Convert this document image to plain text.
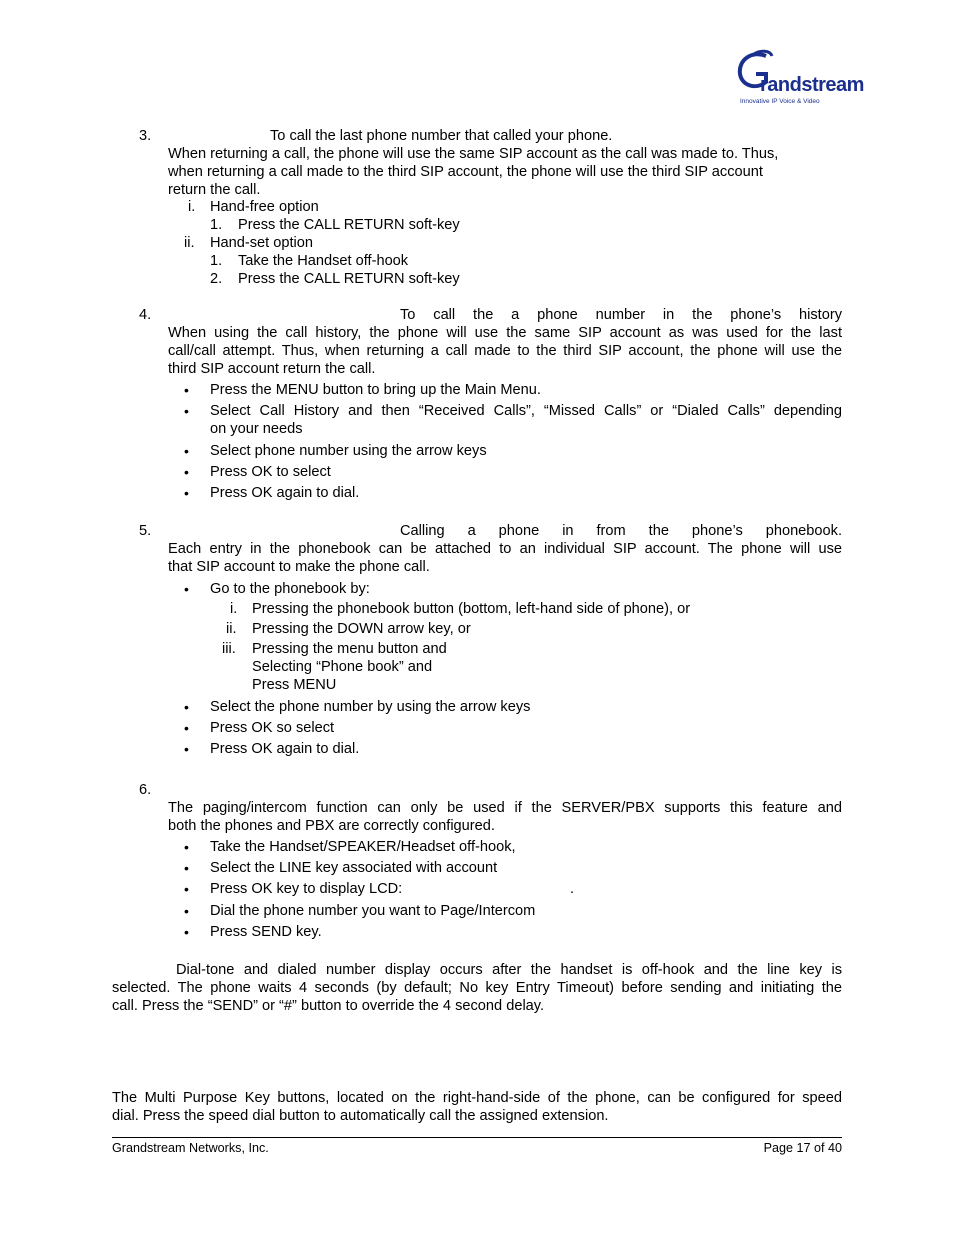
randstream
Innovative IP Voice & Video
3.	To call the last phone number that called your phone.
When returning a call, the phone will use the same SIP account as the call was made to. Thus,
when returning a call made to the third SIP account, the phone will use the third SIP account
return the call.
i. Hand-free option
1. Press the CALL RETURN soft-key
ii. Hand-set option
1. Take the Handset off-hook
2. Press the CALL RETURN soft-key
4.	To call the a phone number in the phone’s history
When using the call history, the phone will use the same SIP account as was used for the last
call/call attempt. Thus, when returning a call made to the third SIP account, the phone will use the
third SIP account return the call.
• Press the MENU button to bring up the Main Menu.
• Select Call History and then “Received Calls”, “Missed Calls” or “Dialed Calls” depending
on your needs
• Select phone number using the arrow keys
• Press OK to select
• Press OK again to dial.
5.	Calling a phone in from the phone’s phonebook.
Each entry in the phonebook can be attached to an individual SIP account. The phone will use
that SIP account to make the phone call.
• Go to the phonebook by:
i. Pressing the phonebook button (bottom, left-hand side of phone), or
ii. Pressing the DOWN arrow key, or
iii. Pressing the menu button and
Selecting “Phone book” and
Press MENU
• Select the phone number by using the arrow keys
• Press OK so select
• Press OK again to dial.
6.
The paging/intercom function can only be used if the SERVER/PBX supports this feature and
both the phones and PBX are correctly configured.
• Take the Handset/SPEAKER/Headset off-hook,
• Select the LINE key associated with account
• Press OK key to display LCD:	.
• Dial the phone number you want to Page/Intercom
• Press SEND key.
Dial-tone and dialed number display occurs after the handset is off-hook and the line key is
selected. The phone waits 4 seconds (by default; No key Entry Timeout) before sending and initiating the
call. Press the “SEND” or “#” button to override the 4 second delay.
The Multi Purpose Key buttons, located on the right-hand-side of the phone, can be configured for speed
dial. Press the speed dial button to automatically call the assigned extension.
Grandstream Networks, Inc.	Page 17 of 40
